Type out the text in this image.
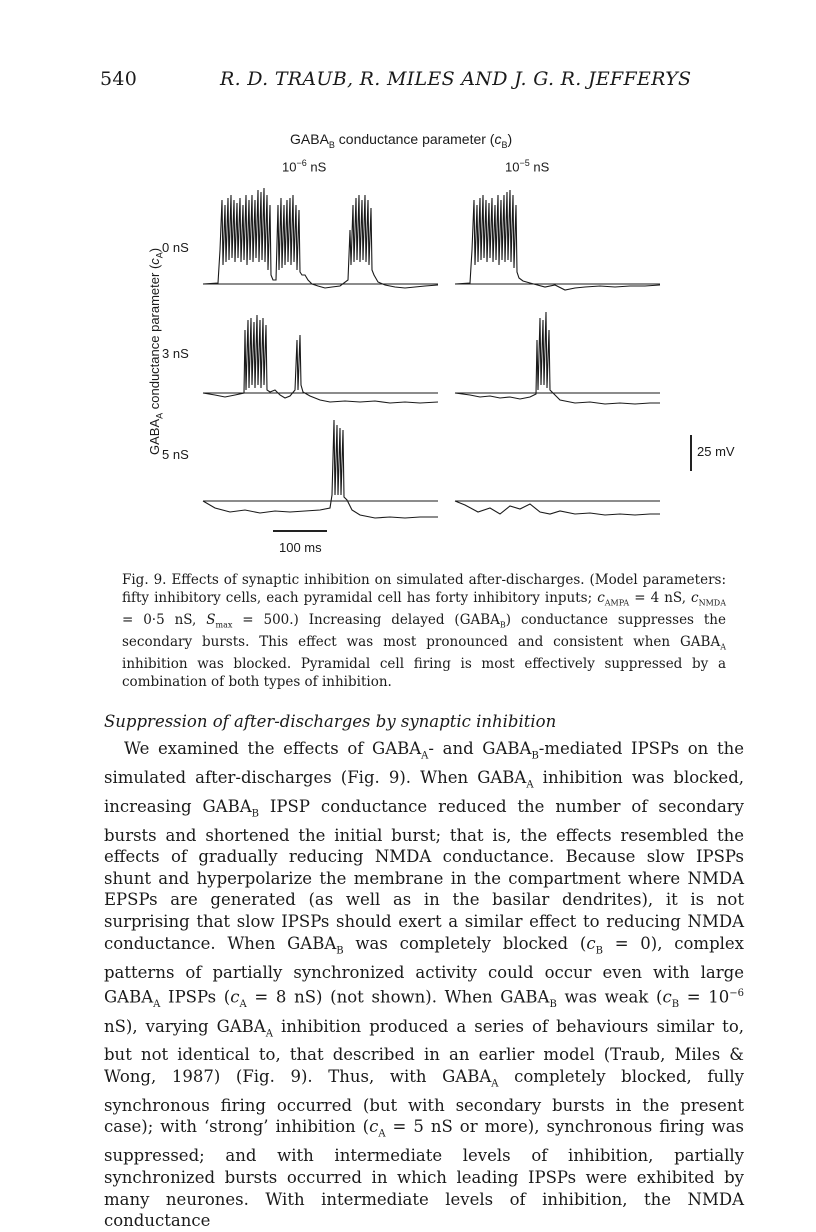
540	R. D. TRAUB, R. MILES AND J. G. R. JEFFERYS
$GABA_B$ conductance parameter $(c_B)$
$10^{-6}$ nS	$10^{-5}$ nS
$GABA_A$ conductance parameter $(c_A)$ 0 nS
3 nS
5 nS	25 mV
100 ms
Fig. 9. Effects of synaptic inhibition on simulated after-discharges. (Model parameters: fifty inhibitory cells, each pyramidal cell has forty inhibitory inputs; $c_{AMPA} = 4$ nS, $c_{NMDA} = 0\cdot 5$ nS, $S_{max} = 500$.) Increasing delayed $(GABA_B)$ conductance suppresses the secondary bursts. This effect was most pronounced and consistent when $GABA_A$ inhibition was blocked. Pyramidal cell firing is most effectively suppressed by a combination of both types of inhibition.
Suppression of after-discharges by synaptic inhibition

We examined the effects of $GABA_A-$ and $GABA_B$-mediated IPSPs on the simulated after-discharges (Fig. 9). When $GABA_A$ inhibition was blocked, increasing $GABA_B$ IPSP conductance reduced the number of secondary bursts and shortened the initial burst; that is, the effects resembled the effects of gradually reducing NMDA conductance. Because slow IPSPs shunt and hyperpolarize the membrane in the compartment where NMDA EPSPs are generated (as well as in the basilar dendrites), it is not surprising that slow IPSPs should exert a similar effect to reducing NMDA conductance. When $GABA_B$ was completely blocked $(c_B = 0)$, complex patterns of partially synchronized activity could occur even with large $GABA_A$ IPSPs ($c_A = 8$ nS) (not shown). When $GABA_B$ was weak ($c_B = 10^{-6}$ nS), varying $GABA_A$ inhibition produced a series of behaviours similar to, but not identical to, that described in an earlier model (Traub, Miles & Wong, 1987) (Fig. 9). Thus, with $GABA_A$ completely blocked, fully synchronous firing occurred (but with secondary bursts in the present case); with ‘strong’ inhibition ($c_A = 5$ nS or more), synchronous firing was suppressed; and with intermediate levels of inhibition, partially synchronized bursts occurred in which leading IPSPs were exhibited by many neurones. With intermediate levels of inhibition, the NMDA conductance
